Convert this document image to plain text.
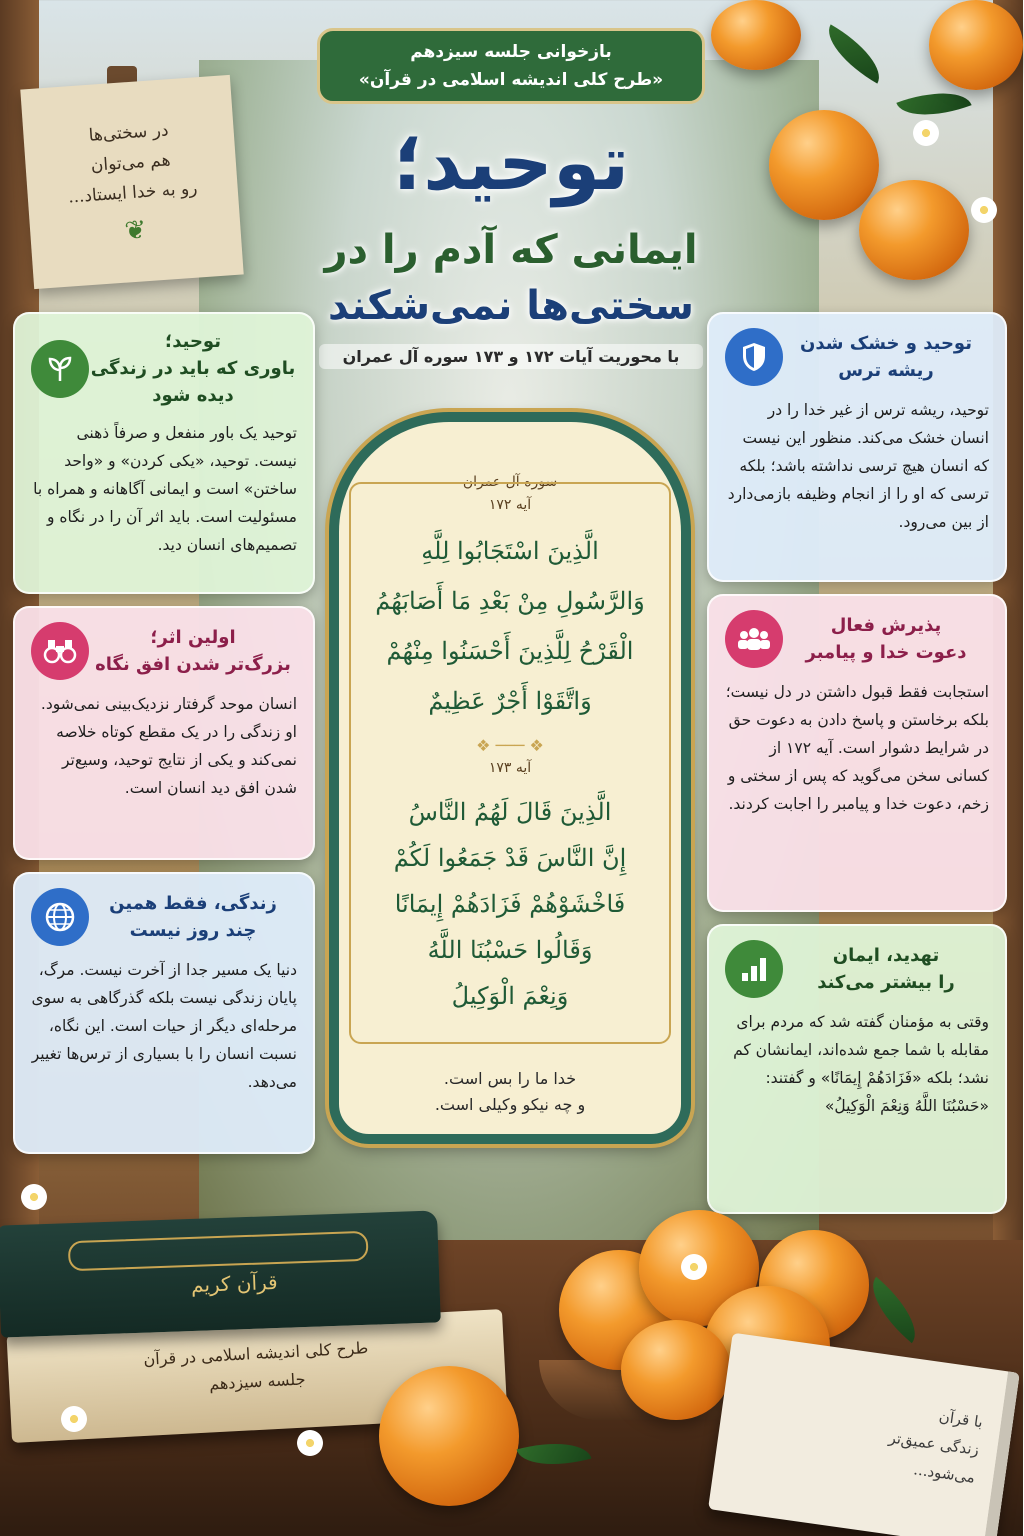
بازخوانی جلسه سیزدهم
«طرح کلی اندیشه اسلامی در قرآن»
در سختی‌ها
هم می‌توان
رو به خدا ایستاد...
❦
توحید؛
ایمانی که آدم را در
سختی‌ها نمی‌شکند
با محوریت آیات ۱۷۲ و ۱۷۳ سوره آل عمران
توحید؛
باوری که باید در زندگی
دیده شود
توحید یک باور منفعل و صرفاً ذهنی نیست. توحید، «یکی کردن» و «واحد ساختن» است و ایمانی آگاهانه و همراه با مسئولیت است. باید اثر آن را در نگاه و تصمیم‌های انسان دید.
اولین اثر؛
بزرگ‌تر شدن افق نگاه
انسان موحد گرفتار نزدیک‌بینی نمی‌شود. او زندگی را در یک مقطع کوتاه خلاصه نمی‌کند و یکی از نتایج توحید، وسیع‌تر شدن افق دید انسان است.
زندگی، فقط همین
چند روز نیست
دنیا یک مسیر جدا از آخرت نیست. مرگ، پایان زندگی نیست بلکه گذرگاهی به سوی مرحله‌ای دیگر از حیات است. این نگاه، نسبت انسان را با بسیاری از ترس‌ها تغییر می‌دهد.
توحید و خشک شدن
ریشه ترس
توحید، ریشه ترس از غیر خدا را در انسان خشک می‌کند. منظور این نیست که انسان هیچ ترسی نداشته باشد؛ بلکه ترسی که او را از انجام وظیفه بازمی‌دارد از بین می‌رود.
پذیرش فعال
دعوت خدا و پیامبر
استجابت فقط قبول داشتن در دل نیست؛ بلکه برخاستن و پاسخ دادن به دعوت حق در شرایط دشوار است. آیه ۱۷۲ از کسانی سخن می‌گوید که پس از سختی و زخم، دعوت خدا و پیامبر را اجابت کردند.
تهدید، ایمان
را بیشتر می‌کند
وقتی به مؤمنان گفته شد که مردم برای مقابله با شما جمع شده‌اند، ایمانشان کم نشد؛ بلکه «فَزَادَهُمْ إِيمَانًا» و گفتند: «حَسْبُنَا اللَّهُ وَنِعْمَ الْوَكِيلُ»
سوره آل عمران
آیه ۱۷۲
الَّذِينَ اسْتَجَابُوا لِلَّهِ
وَالرَّسُولِ مِنْ بَعْدِ مَا أَصَابَهُمُ
الْقَرْحُ لِلَّذِينَ أَحْسَنُوا مِنْهُمْ
وَاتَّقَوْا أَجْرٌ عَظِيمٌ
❖ ─── ❖
آیه ۱۷۳
الَّذِينَ قَالَ لَهُمُ النَّاسُ
إِنَّ النَّاسَ قَدْ جَمَعُوا لَكُمْ
فَاخْشَوْهُمْ فَزَادَهُمْ إِيمَانًا
وَقَالُوا حَسْبُنَا اللَّهُ
وَنِعْمَ الْوَكِيلُ
خدا ما را بس است.
و چه نیکو وکیلی است.
طرح کلی اندیشه اسلامی در قرآن
جلسه سیزدهم
قرآن کریم
با قرآن
زندگی عمیق‌تر
می‌شود...
